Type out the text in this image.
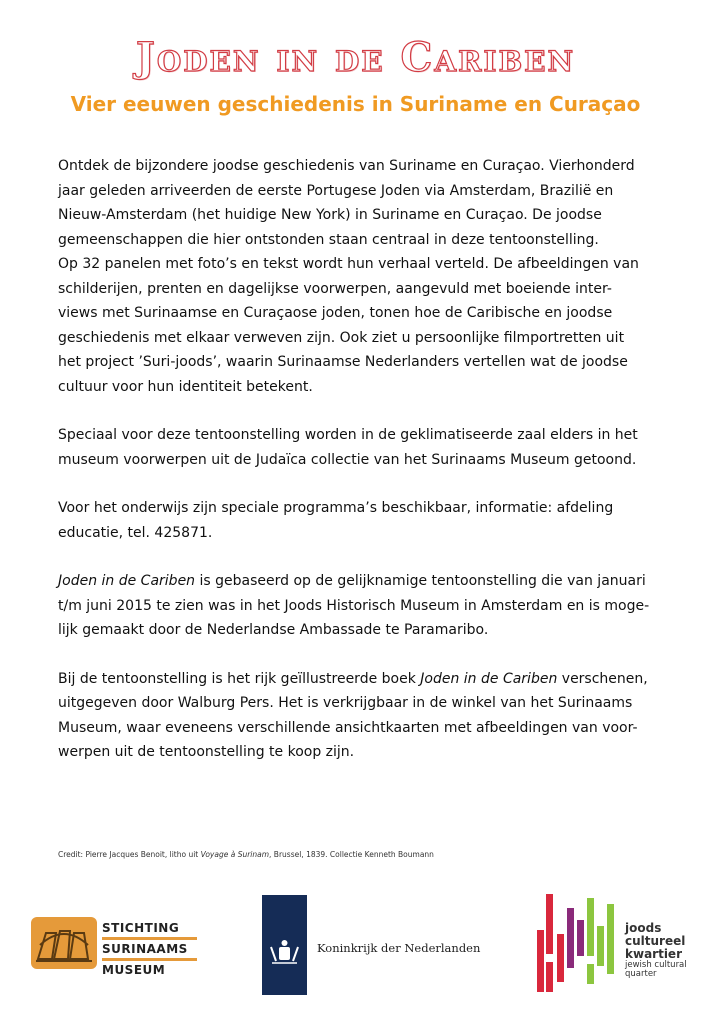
Joden in de Cariben
Vier eeuwen geschiedenis in Suriname en Curaçao

Ontdek de bijzondere joodse geschiedenis van Suriname en Curaçao. Vierhonderd
jaar geleden arriveerden de eerste Portugese Joden via Amsterdam, Brazilië en
Nieuw-Amsterdam (het huidige New York) in Suriname en Curaçao. De joodse
gemeenschappen die hier ontstonden staan centraal in deze tentoonstelling.
Op 32 panelen met foto’s en tekst wordt hun verhaal verteld. De afbeeldingen van
schilderijen, prenten en dagelijkse voorwerpen, aangevuld met boeiende inter-
views met Surinaamse en Curaçaose joden, tonen hoe de Caribische en joodse
geschiedenis met elkaar verweven zijn. Ook ziet u persoonlijke filmportretten uit
het project ’Suri-joods’, waarin Surinaamse Nederlanders vertellen wat de joodse
cultuur voor hun identiteit betekent.

Speciaal voor deze tentoonstelling worden in de geklimatiseerde zaal elders in het
museum voorwerpen uit de Judaïca collectie van het Surinaams Museum getoond.

Voor het onderwijs zijn speciale programma’s beschikbaar, informatie: afdeling
educatie, tel. 425871.

Joden in de Cariben is gebaseerd op de gelijknamige tentoonstelling die van januari
t/m juni 2015 te zien was in het Joods Historisch Museum in Amsterdam en is moge-
lijk gemaakt door de Nederlandse Ambassade te Paramaribo.

Bij de tentoonstelling is het rijk geïllustreerde boek Joden in de Cariben verschenen,
uitgegeven door Walburg Pers. Het is verkrijgbaar in de winkel van het Surinaams
Museum, waar eveneens verschillende ansichtkaarten met afbeeldingen van voor-
werpen uit de tentoonstelling te koop zijn.

Credit: Pierre Jacques Benoit, litho uit Voyage à Surinam, Brussel, 1839. Collectie Kenneth Boumann
STICHTING
SURINAAMS
MUSEUM
Koninkrijk der Nederlanden
joods
cultureel
kwartier
jewish cultural
quarter
